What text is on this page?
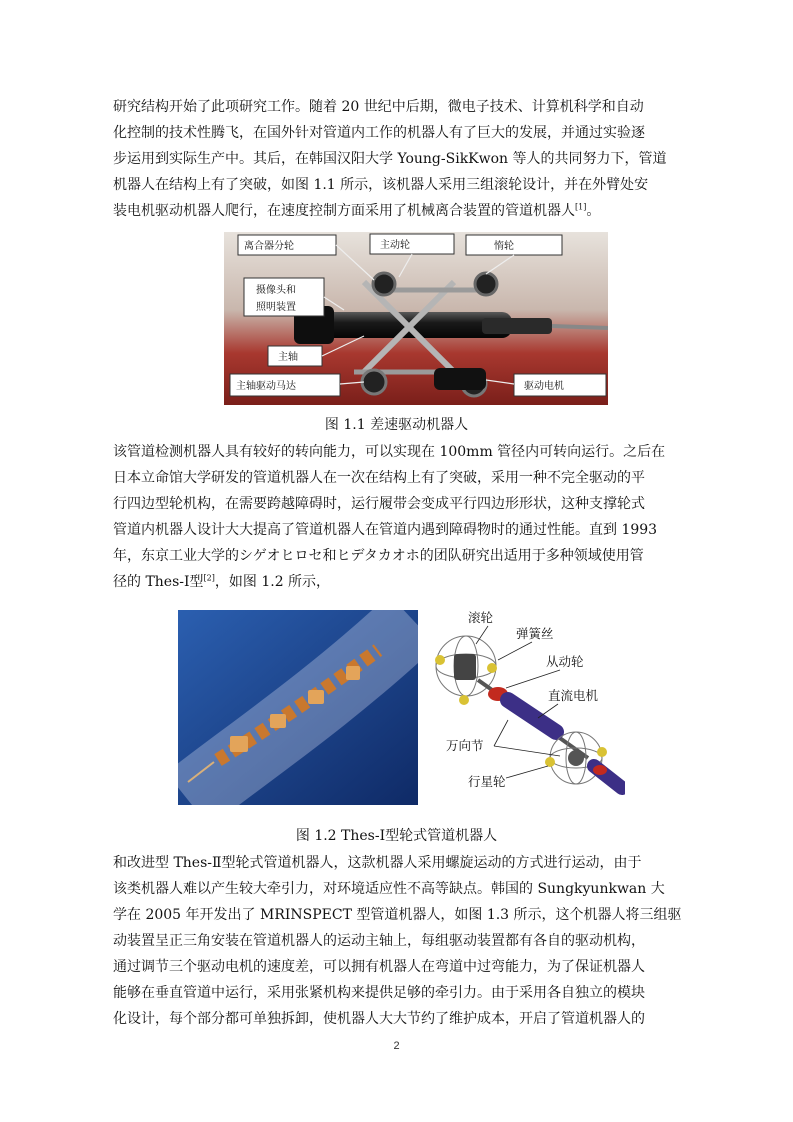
研究结构开始了此项研究工作。随着 20 世纪中后期，微电子技术、计算机科学和自动
化控制的技术性腾飞，在国外针对管道内工作的机器人有了巨大的发展，并通过实验逐
步运用到实际生产中。其后，在韩国汉阳大学 Young-SikKwon 等人的共同努力下，管道
机器人在结构上有了突破，如图 1.1 所示，该机器人采用三组滚轮设计，并在外臂处安
装电机驱动机器人爬行，在速度控制方面采用了机械离合装置的管道机器人[1]。
离合器分轮	主动轮	惰轮
摄像头和
照明装置
主轴
主轴驱动马达	驱动电机

图 1.1 差速驱动机器人

该管道检测机器人具有较好的转向能力，可以实现在 100mm 管径内可转向运行。之后在
日本立命馆大学研发的管道机器人在一次在结构上有了突破，采用一种不完全驱动的平
行四边型轮机构，在需要跨越障碍时，运行履带会变成平行四边形形状，这种支撑轮式
管道内机器人设计大大提高了管道机器人在管道内遇到障碍物时的通过性能。直到 1993
年，东京工业大学的シゲオヒロセ和ヒデタカオホ的团队研究出适用于多种领域使用管
径的 Thes-Ⅰ型[2]，如图 1.2 所示，
滚轮
弹簧丝
从动轮
直流电机
万向节
行星轮

图 1.2 Thes-Ⅰ型轮式管道机器人

和改进型 Thes-Ⅱ型轮式管道机器人，这款机器人采用螺旋运动的方式进行运动，由于
该类机器人难以产生较大牵引力，对环境适应性不高等缺点。韩国的 Sungkyunkwan 大
学在 2005 年开发出了 MRINSPECT 型管道机器人，如图 1.3 所示，这个机器人将三组驱
动装置呈正三角安装在管道机器人的运动主轴上，每组驱动装置都有各自的驱动机构，
通过调节三个驱动电机的速度差，可以拥有机器人在弯道中过弯能力，为了保证机器人
能够在垂直管道中运行，采用张紧机构来提供足够的牵引力。由于采用各自独立的模块
化设计，每个部分都可单独拆卸，使机器人大大节约了维护成本，开启了管道机器人的
2
